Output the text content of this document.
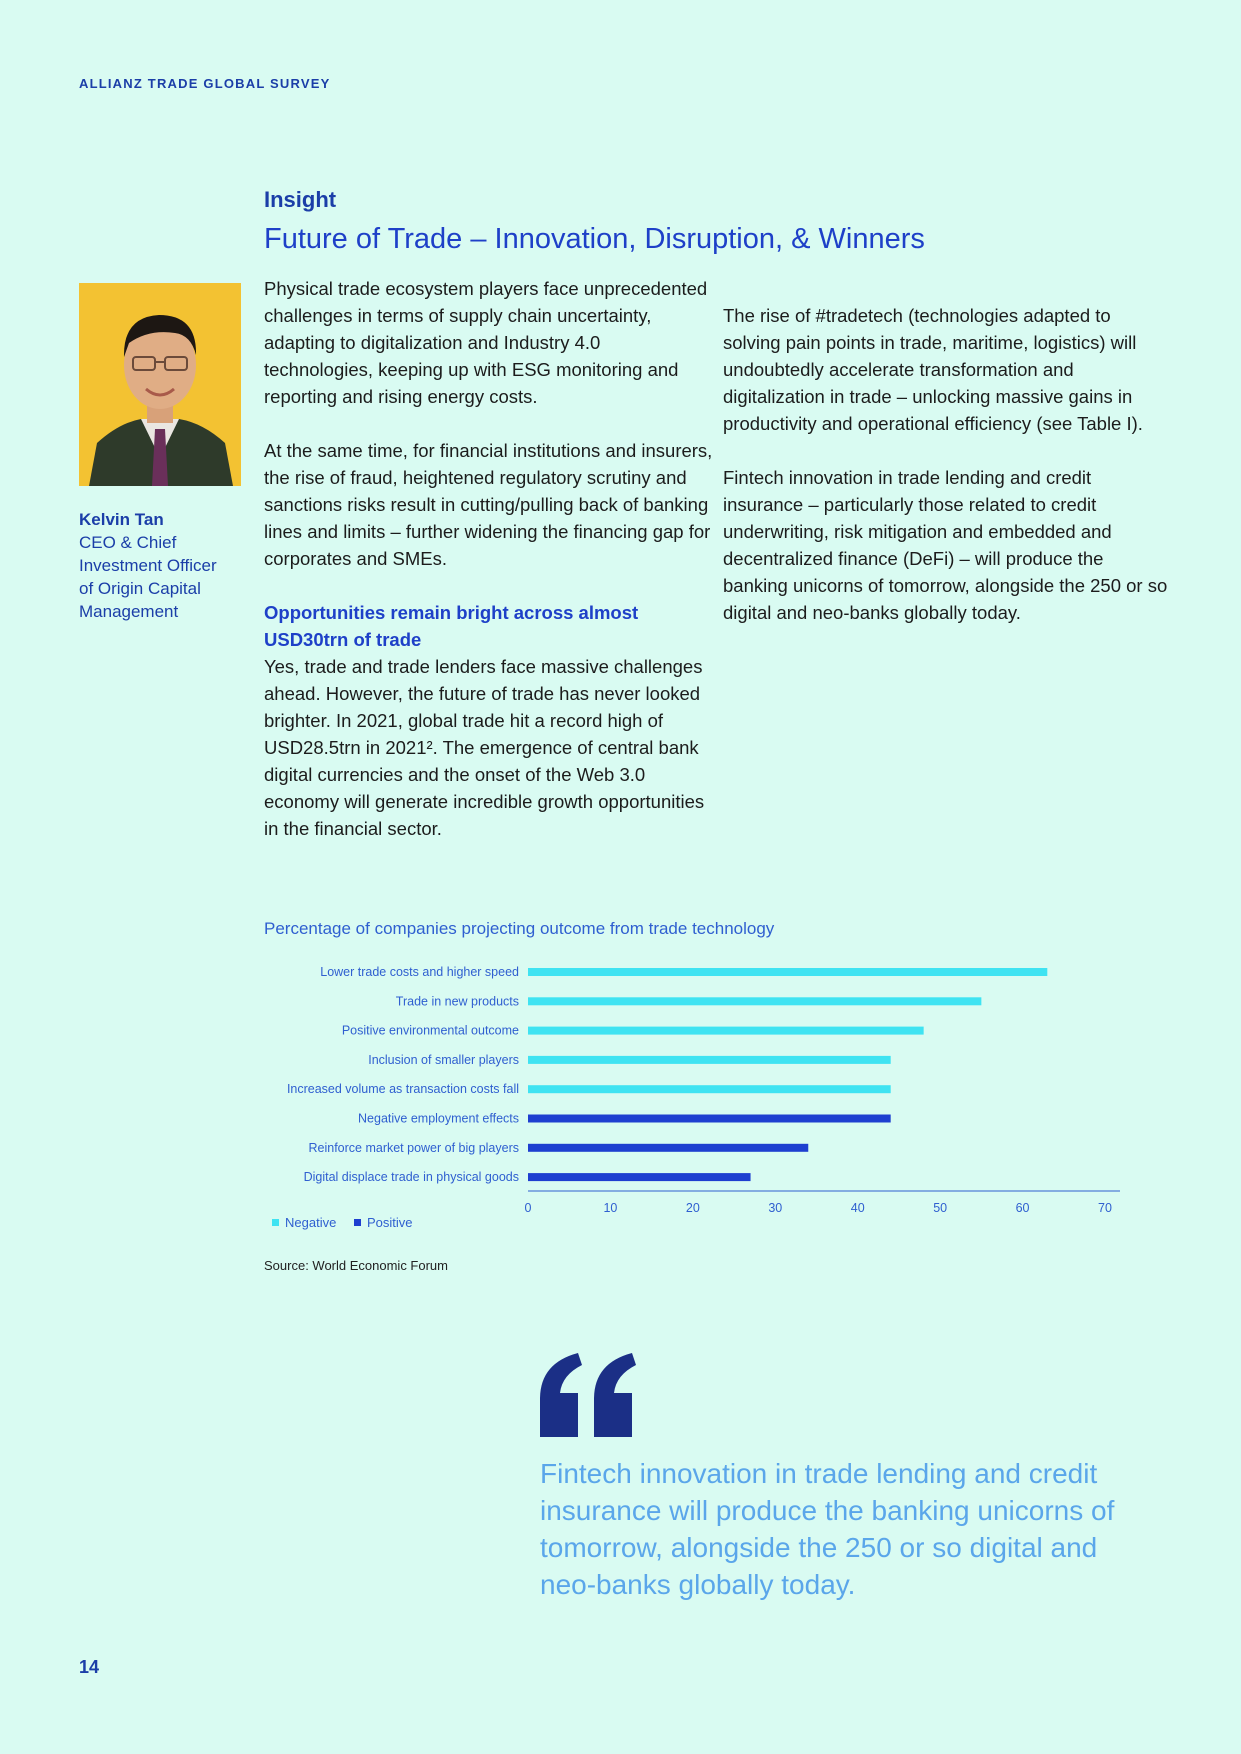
ALLIANZ TRADE GLOBAL SURVEY
Insight
Future of Trade – Innovation, Disruption, & Winners
Kelvin Tan
CEO & Chief
Investment Officer
of Origin Capital
Management

Physical trade ecosystem players face unprecedented challenges in terms of supply chain uncertainty, adapting to digitalization and Industry 4.0 technologies, keeping up with ESG monitoring and reporting and rising energy costs.

At the same time, for financial institutions and insurers, the rise of fraud, heightened regulatory scrutiny and sanctions risks result in cutting/pulling back of banking lines and limits – further widening the financing gap for corporates and SMEs.

Opportunities remain bright across almost USD30trn of trade

Yes, trade and trade lenders face massive challenges ahead. However, the future of trade has never looked brighter. In 2021, global trade hit a record high of USD28.5trn in 2021². The emergence of central bank digital currencies and the onset of the Web 3.0 economy will generate incredible growth opportunities in the financial sector.

The rise of #tradetech (technologies adapted to solving pain points in trade, maritime, logistics) will undoubtedly accelerate transformation and digitalization in trade – unlocking massive gains in productivity and operational efficiency (see Table I).

Fintech innovation in trade lending and credit insurance – particularly those related to credit underwriting, risk mitigation and embedded and decentralized finance (DeFi) – will produce the banking unicorns of tomorrow, alongside the 250 or so digital and neo-banks globally today.

Percentage of companies projecting outcome from trade technology
Lower trade costs and higher speed
Trade in new products
Positive environmental outcome
Inclusion of smaller players
Increased volume as transaction costs fall
Negative employment effects
Reinforce market power of big players
Digital displace trade in physical goods
0	10	20	30	40	50	60	70
Negative Positive
Source: World Economic Forum
Fintech innovation in trade lending and credit insurance will produce the banking unicorns of tomorrow, alongside the 250 or so digital and neo-banks globally today.
14
